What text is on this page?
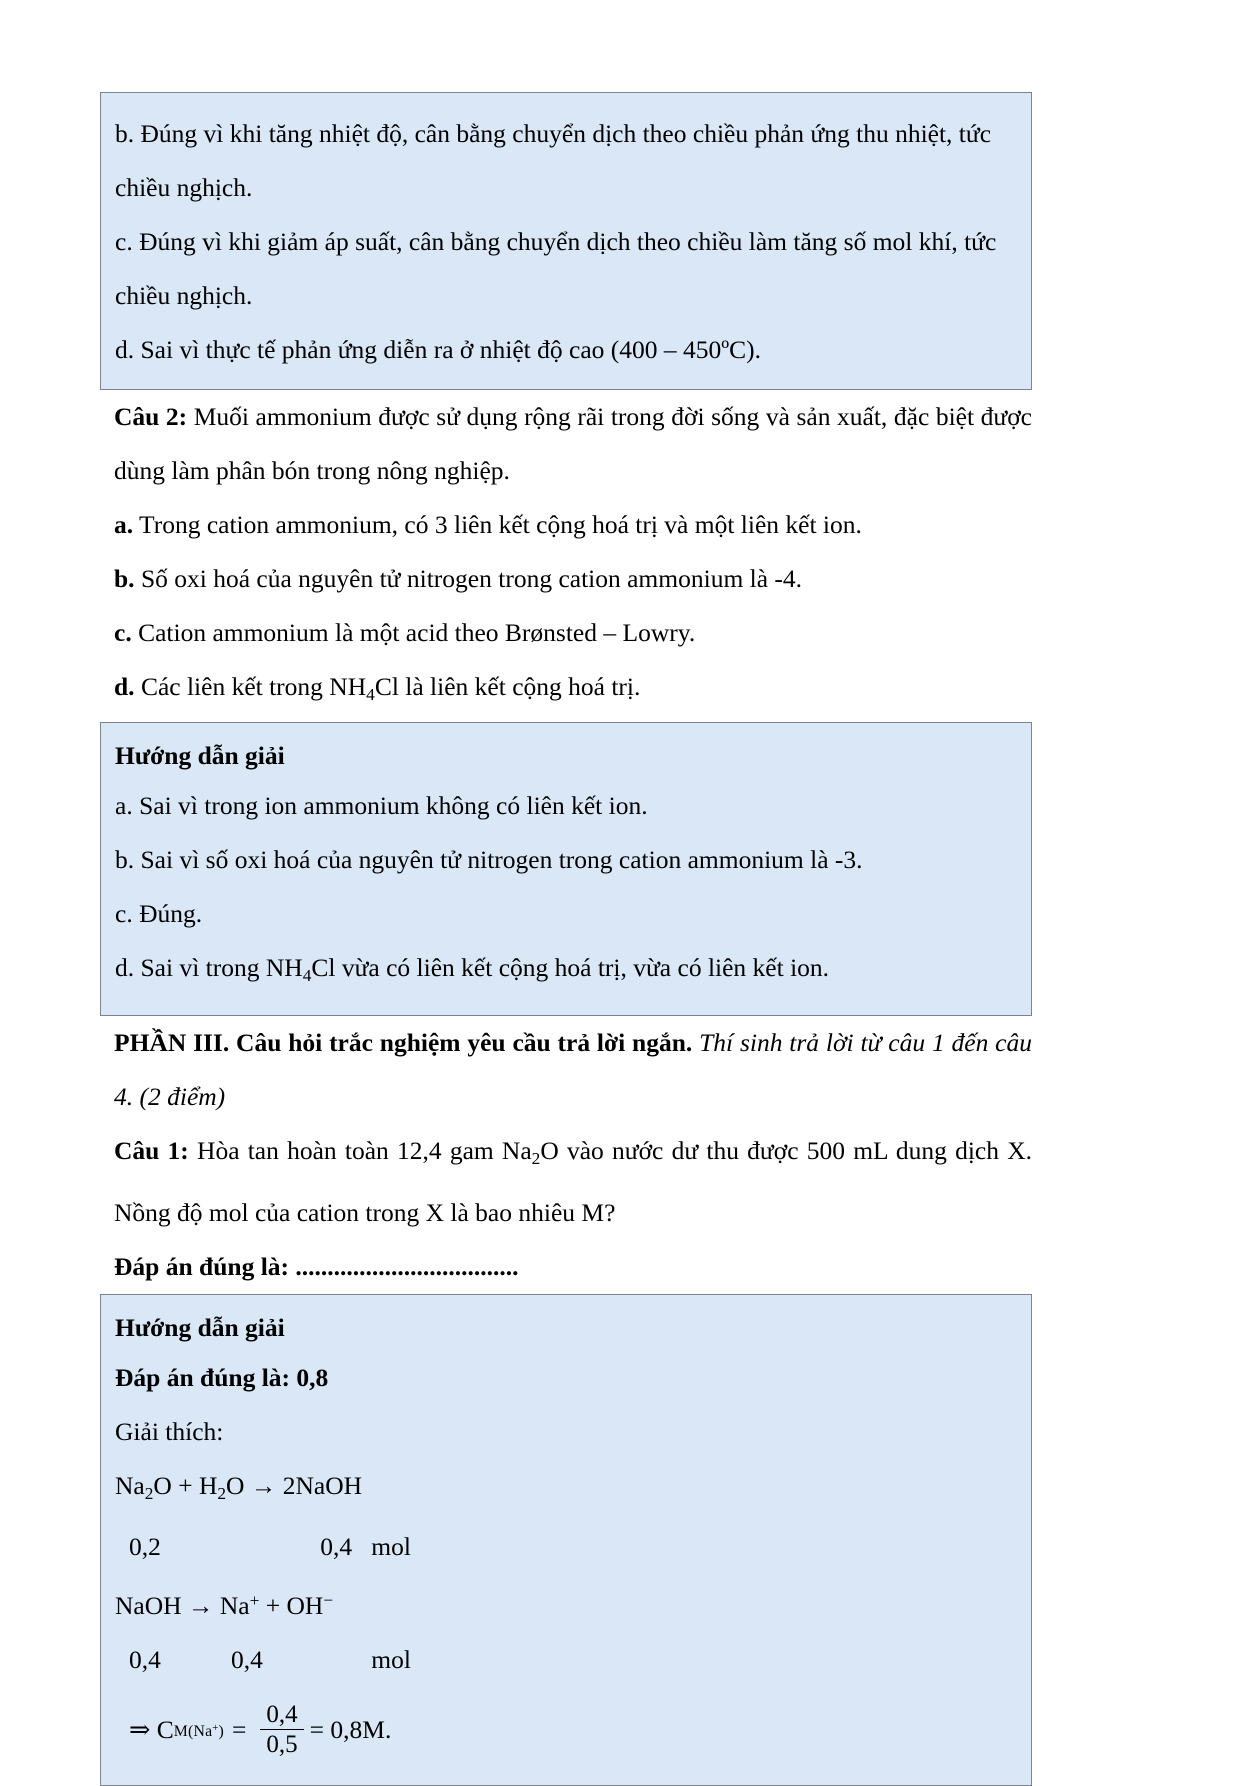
b. Đúng vì khi tăng nhiệt độ, cân bằng chuyển dịch theo chiều phản ứng thu nhiệt, tức chiều nghịch.
c. Đúng vì khi giảm áp suất, cân bằng chuyển dịch theo chiều làm tăng số mol khí, tức chiều nghịch.
d. Sai vì thực tế phản ứng diễn ra ở nhiệt độ cao (400 – 450ºC).
Câu 2: Muối ammonium được sử dụng rộng rãi trong đời sống và sản xuất, đặc biệt được dùng làm phân bón trong nông nghiệp.
a. Trong cation ammonium, có 3 liên kết cộng hoá trị và một liên kết ion.
b. Số oxi hoá của nguyên tử nitrogen trong cation ammonium là -4.
c. Cation ammonium là một acid theo Brønsted – Lowry.
d. Các liên kết trong $NH_4Cl$ là liên kết cộng hoá trị.
Hướng dẫn giải
a. Sai vì trong ion ammonium không có liên kết ion.
b. Sai vì số oxi hoá của nguyên tử nitrogen trong cation ammonium là -3.
c. Đúng.
d. Sai vì trong $NH_4Cl$ vừa có liên kết cộng hoá trị, vừa có liên kết ion.
PHẦN III. Câu hỏi trắc nghiệm yêu cầu trả lời ngắn. Thí sinh trả lời từ câu 1 đến câu 4. (2 điểm)
Câu 1: Hòa tan hoàn toàn 12,4 gam $Na_2O$ vào nước dư thu được 500 mL dung dịch X. Nồng độ mol của cation trong X là bao nhiêu M?
Đáp án đúng là: ...................................
Hướng dẫn giải
Đáp án đúng là: 0,8
Giải thích:
$Na_2O + H_2O$ → 2NaOH
0,2                         0,4   mol
NaOH → Na+ + OH−
0,4           0,4                 mol
⇒ C $M(Na^+) = \frac{0,4}{0,5} = 0,8M$.
